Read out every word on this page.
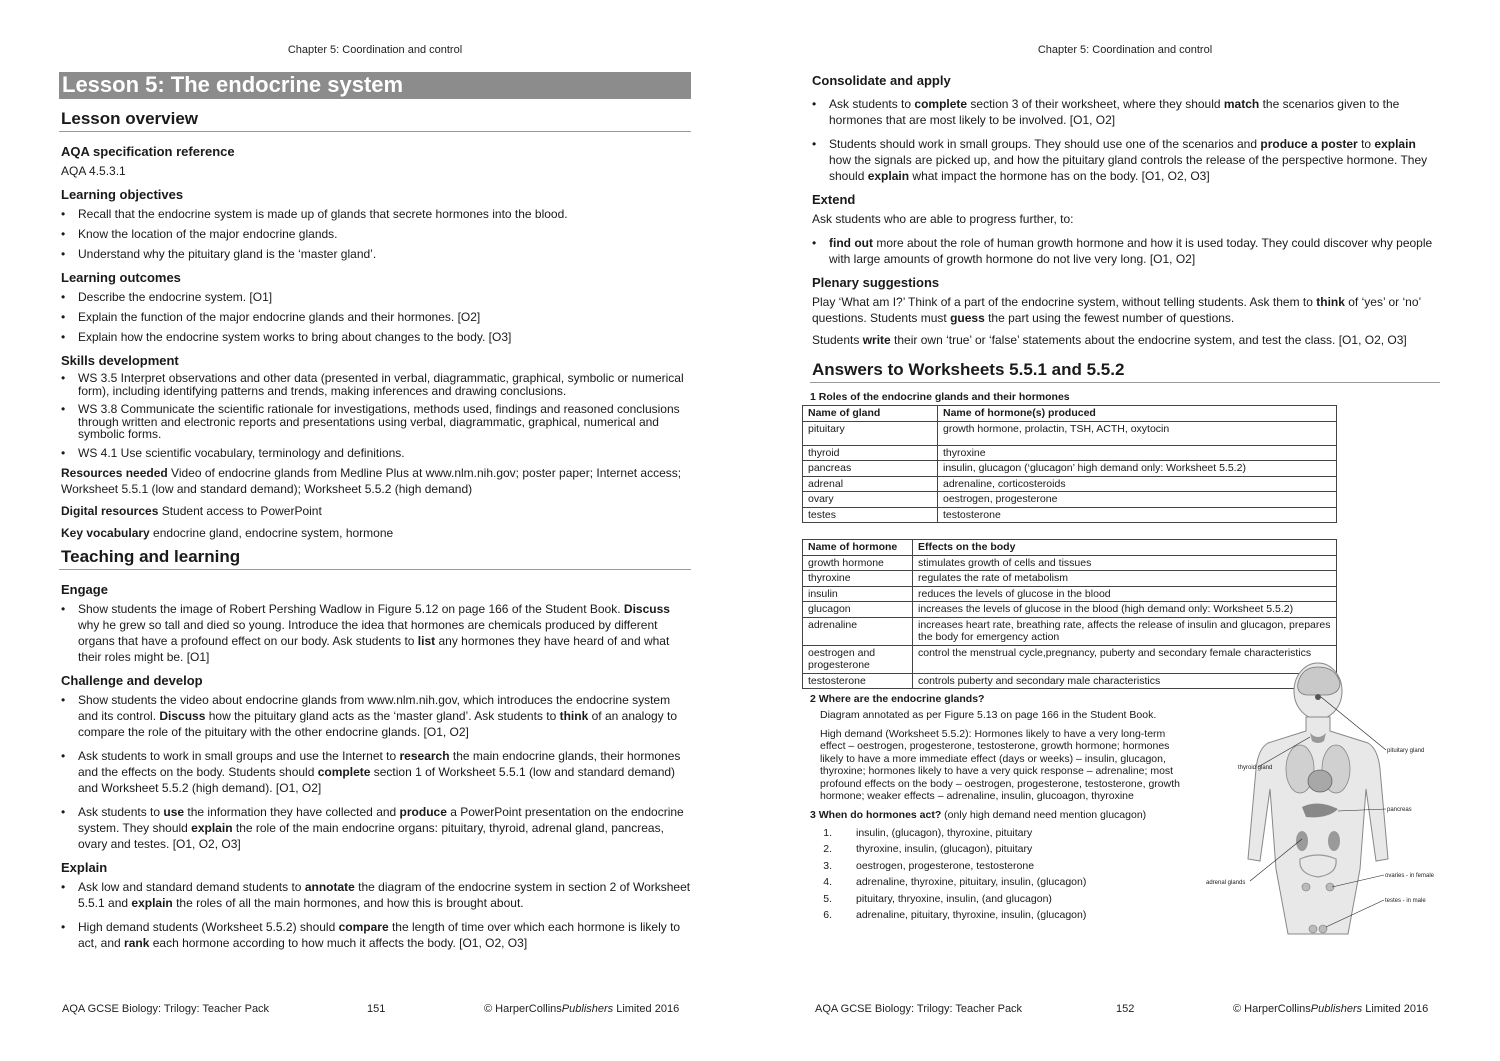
Chapter 5: Coordination and control
Lesson 5: The endocrine system
Lesson overview
AQA specification reference

AQA 4.5.3.1

Learning objectives
• Recall that the endocrine system is made up of glands that secrete hormones into the blood.
• Know the location of the major endocrine glands.
• Understand why the pituitary gland is the ‘master gland’.
Learning outcomes
• Describe the endocrine system. [O1]
• Explain the function of the major endocrine glands and their hormones. [O2]
• Explain how the endocrine system works to bring about changes to the body. [O3]
Skills development
• WS 3.5 Interpret observations and other data (presented in verbal, diagrammatic, graphical, symbolic or numerical form), including identifying patterns and trends, making inferences and drawing conclusions.
• WS 3.8 Communicate the scientific rationale for investigations, methods used, findings and reasoned conclusions through written and electronic reports and presentations using verbal, diagrammatic, graphical, numerical and symbolic forms.
• WS 4.1 Use scientific vocabulary, terminology and definitions.

Resources needed Video of endocrine glands from Medline Plus at www.nlm.nih.gov; poster paper; Internet access; Worksheet 5.5.1 (low and standard demand); Worksheet 5.5.2 (high demand)

Digital resources Student access to PowerPoint

Key vocabulary endocrine gland, endocrine system, hormone

Teaching and learning
Engage
• Show students the image of Robert Pershing Wadlow in Figure 5.12 on page 166 of the Student Book. Discuss why he grew so tall and died so young. Introduce the idea that hormones are chemicals produced by different organs that have a profound effect on our body. Ask students to list any hormones they have heard of and what their roles might be. [O1]
Challenge and develop
• Show students the video about endocrine glands from www.nlm.nih.gov, which introduces the endocrine system and its control. Discuss how the pituitary gland acts as the ‘master gland’. Ask students to think of an analogy to compare the role of the pituitary with the other endocrine glands. [O1, O2]
• Ask students to work in small groups and use the Internet to research the main endocrine glands, their hormones and the effects on the body. Students should complete section 1 of Worksheet 5.5.1 (low and standard demand) and Worksheet 5.5.2 (high demand). [O1, O2]
• Ask students to use the information they have collected and produce a PowerPoint presentation on the endocrine system. They should explain the role of the main endocrine organs: pituitary, thyroid, adrenal gland, pancreas, ovary and testes. [O1, O2, O3]
Explain
• Ask low and standard demand students to annotate the diagram of the endocrine system in section 2 of Worksheet 5.5.1 and explain the roles of all the main hormones, and how this is brought about.
• High demand students (Worksheet 5.5.2) should compare the length of time over which each hormone is likely to act, and rank each hormone according to how much it affects the body. [O1, O2, O3]
AQA GCSE Biology: Trilogy: Teacher Pack	151	© HarperCollinsPublishers Limited 2016
Chapter 5: Coordination and control
Consolidate and apply
• Ask students to complete section 3 of their worksheet, where they should match the scenarios given to the hormones that are most likely to be involved. [O1, O2]
• Students should work in small groups. They should use one of the scenarios and produce a poster to explain how the signals are picked up, and how the pituitary gland controls the release of the perspective hormone. They should explain what impact the hormone has on the body. [O1, O2, O3]
Extend

Ask students who are able to progress further, to:

• find out more about the role of human growth hormone and how it is used today. They could discover why people with large amounts of growth hormone do not live very long. [O1, O2]
Plenary suggestions

Play ‘What am I?’ Think of a part of the endocrine system, without telling students. Ask them to think of ‘yes’ or ‘no’ questions. Students must guess the part using the fewest number of questions.

Students write their own ‘true’ or ‘false’ statements about the endocrine system, and test the class. [O1, O2, O3]

Answers to Worksheets 5.5.1 and 5.5.2
1 Roles of the endocrine glands and their hormones
Name of gland	Name of hormone(s) produced
pituitary	growth hormone, prolactin, TSH, ACTH, oxytocin
thyroid	thyroxine
pancreas	insulin, glucagon (‘glucagon’ high demand only: Worksheet 5.5.2)
adrenal	adrenaline, corticosteroids
ovary	oestrogen, progesterone
testes	testosterone
Name of hormone	Effects on the body
growth hormone	stimulates growth of cells and tissues
thyroxine	regulates the rate of metabolism
insulin	reduces the levels of glucose in the blood
glucagon	increases the levels of glucose in the blood (high demand only: Worksheet 5.5.2)
adrenaline	increases heart rate, breathing rate, affects the release of insulin and glucagon, prepares the body for emergency action
oestrogen and progesterone	control the menstrual cycle,pregnancy, puberty and secondary female characteristics
testosterone	controls puberty and secondary male characteristics
2 Where are the endocrine glands?
Diagram annotated as per Figure 5.13 on page 166 in the Student Book.
High demand (Worksheet 5.5.2): Hormones likely to have a very long-term effect – oestrogen, progesterone, testosterone, growth hormone; hormones likely to have a more immediate effect (days or weeks) – insulin, glucagon, thyroxine; hormones likely to have a very quick response – adrenaline; most profound effects on the body – oestrogen, progesterone, testosterone, growth hormone; weaker effects – adrenaline, insulin, glucoagon, thyroxine
3 When do hormones act? (only high demand need mention glucagon)
1.	insulin, (glucagon), thyroxine, pituitary
2.	thyroxine, insulin, (glucagon), pituitary
3.	oestrogen, progesterone, testosterone
4.	adrenaline, thyroxine, pituitary, insulin, (glucagon)
5.	pituitary, thryoxine, insulin, (and glucagon)
6.	adrenaline, pituitary, thyroxine, insulin, (glucagon)
pituitary gland
thyroid gland
pancreas
ovaries - in female
adrenal glands
testes - in male
AQA GCSE Biology: Trilogy: Teacher Pack	152	© HarperCollinsPublishers Limited 2016
